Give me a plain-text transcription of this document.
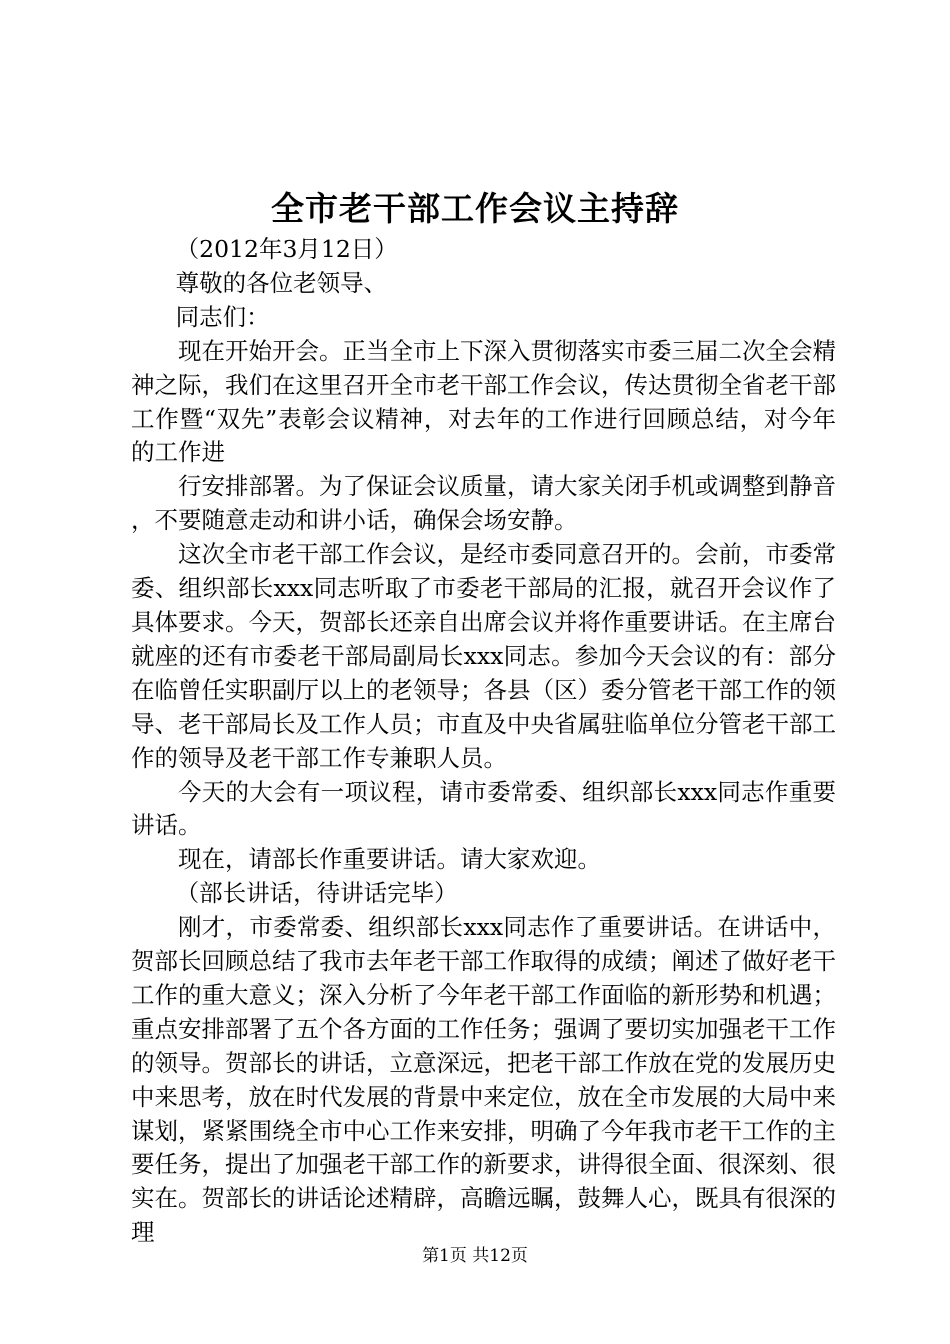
全市老干部工作会议主持辞

（2012年3月12日）

尊敬的各位老领导、

同志们：

现在开始开会。正当全市上下深入贯彻落实市委三届二次全会精神之际，我们在这里召开全市老干部工作会议，传达贯彻全省老干部工作暨“双先”表彰会议精神，对去年的工作进行回顾总结，对今年的工作进

行安排部署。为了保证会议质量，请大家关闭手机或调整到静音，不要随意走动和讲小话，确保会场安静。

这次全市老干部工作会议，是经市委同意召开的。会前，市委常委、组织部长xxx同志听取了市委老干部局的汇报，就召开会议作了具体要求。今天，贺部长还亲自出席会议并将作重要讲话。在主席台就座的还有市委老干部局副局长xxx同志。参加今天会议的有：部分在临曾任实职副厅以上的老领导；各县（区）委分管老干部工作的领导、老干部局长及工作人员；市直及中央省属驻临单位分管老干部工作的领导及老干部工作专兼职人员。

今天的大会有一项议程，请市委常委、组织部长xxx同志作重要讲话。

现在，请部长作重要讲话。请大家欢迎。

（部长讲话，待讲话完毕）

刚才，市委常委、组织部长xxx同志作了重要讲话。在讲话中，贺部长回顾总结了我市去年老干部工作取得的成绩；阐述了做好老干工作的重大意义；深入分析了今年老干部工作面临的新形势和机遇；重点安排部署了五个各方面的工作任务；强调了要切实加强老干工作的领导。贺部长的讲话，立意深远，把老干部工作放在党的发展历史中来思考，放在时代发展的背景中来定位，放在全市发展的大局中来谋划，紧紧围绕全市中心工作来安排，明确了今年我市老干工作的主要任务，提出了加强老干部工作的新要求，讲得很全面、很深刻、很实在。贺部长的讲话论述精辟，高瞻远瞩，鼓舞人心，既具有很深的理

第1页 共12页
